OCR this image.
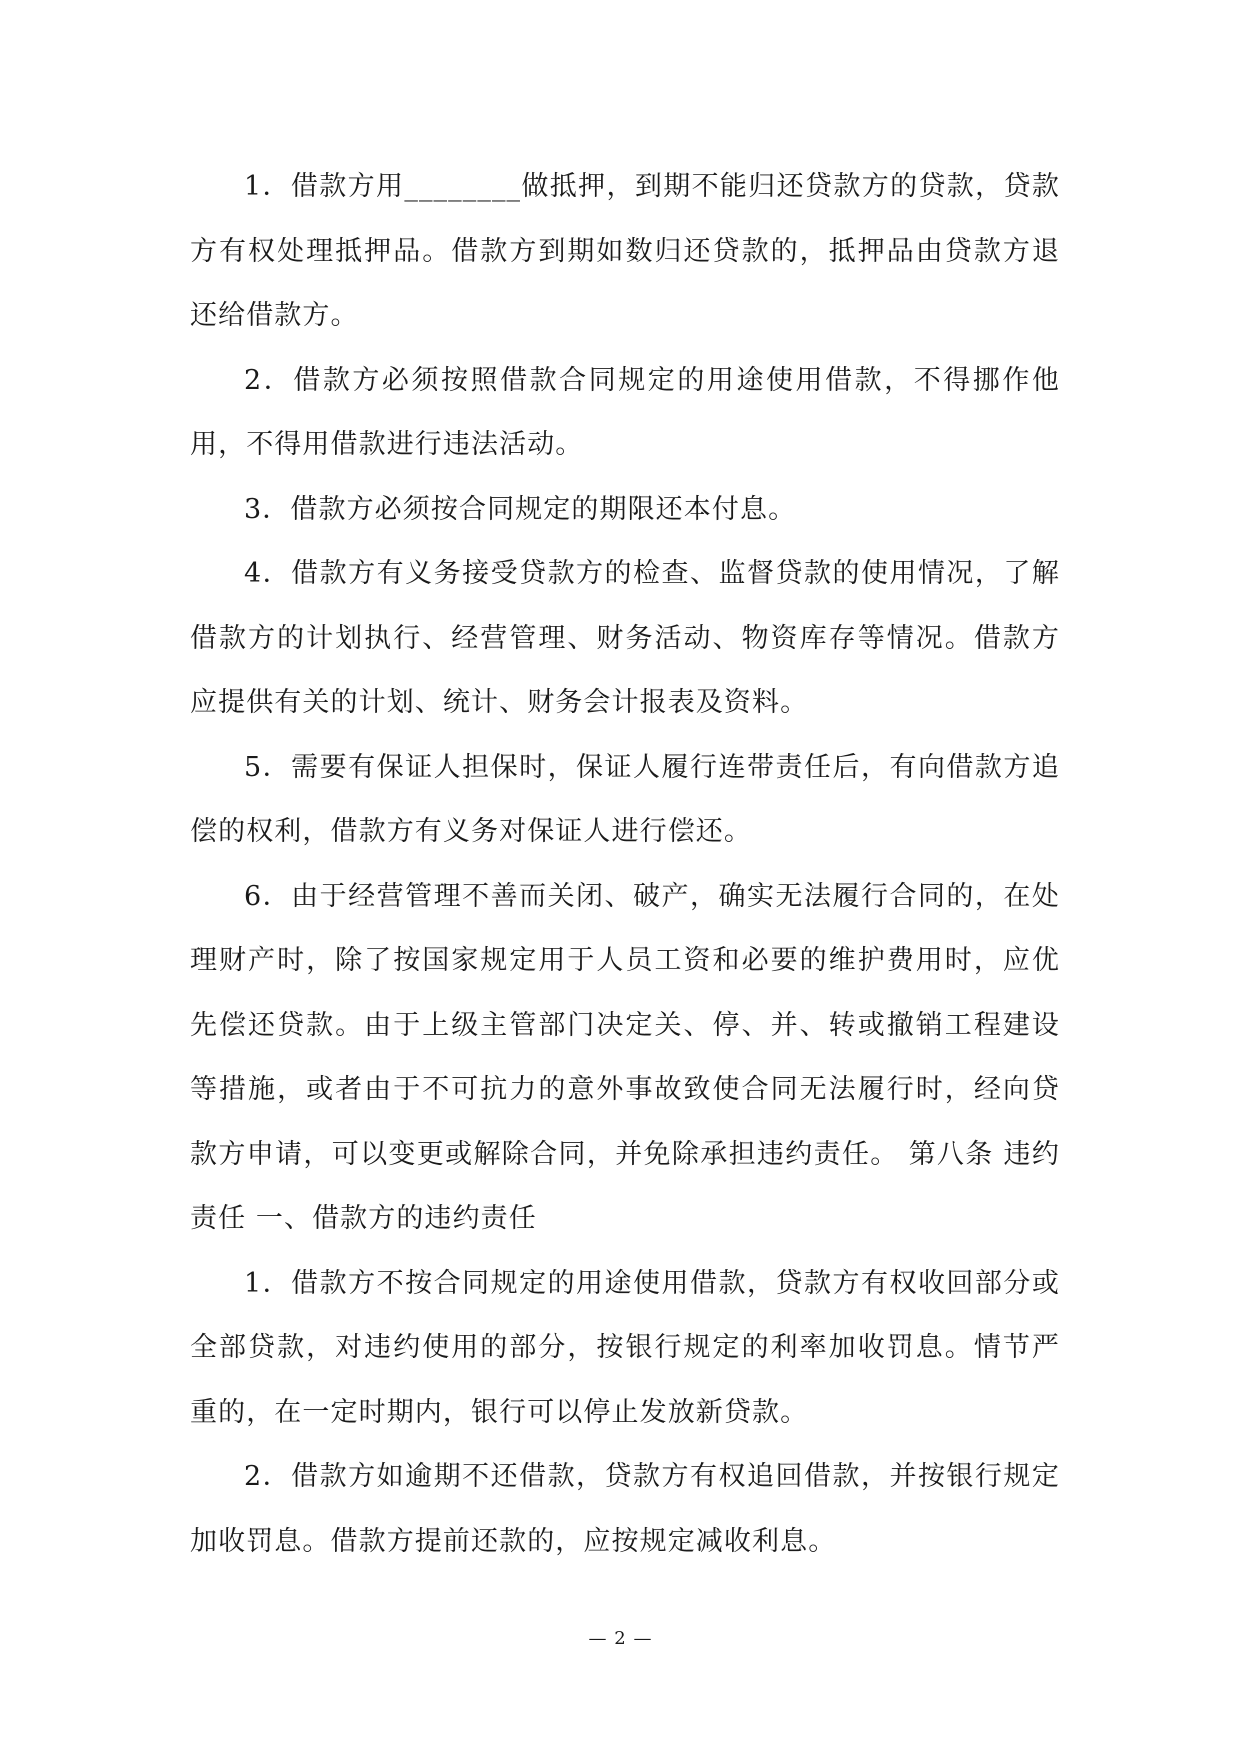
1．借款方用________做抵押，到期不能归还贷款方的贷款，贷款方有权处理抵押品。借款方到期如数归还贷款的，抵押品由贷款方退还给借款方。

2．借款方必须按照借款合同规定的用途使用借款，不得挪作他用，不得用借款进行违法活动。

3．借款方必须按合同规定的期限还本付息。

4．借款方有义务接受贷款方的检查、监督贷款的使用情况，了解借款方的计划执行、经营管理、财务活动、物资库存等情况。借款方应提供有关的计划、统计、财务会计报表及资料。

5．需要有保证人担保时，保证人履行连带责任后，有向借款方追偿的权利，借款方有义务对保证人进行偿还。

6．由于经营管理不善而关闭、破产，确实无法履行合同的，在处理财产时，除了按国家规定用于人员工资和必要的维护费用时，应优先偿还贷款。由于上级主管部门决定关、停、并、转或撤销工程建设等措施，或者由于不可抗力的意外事故致使合同无法履行时，经向贷款方申请，可以变更或解除合同，并免除承担违约责任。 第八条 违约责任 一、借款方的违约责任

1．借款方不按合同规定的用途使用借款，贷款方有权收回部分或全部贷款，对违约使用的部分，按银行规定的利率加收罚息。情节严重的，在一定时期内，银行可以停止发放新贷款。

2．借款方如逾期不还借款，贷款方有权追回借款，并按银行规定加收罚息。借款方提前还款的，应按规定减收利息。

— 2 —
